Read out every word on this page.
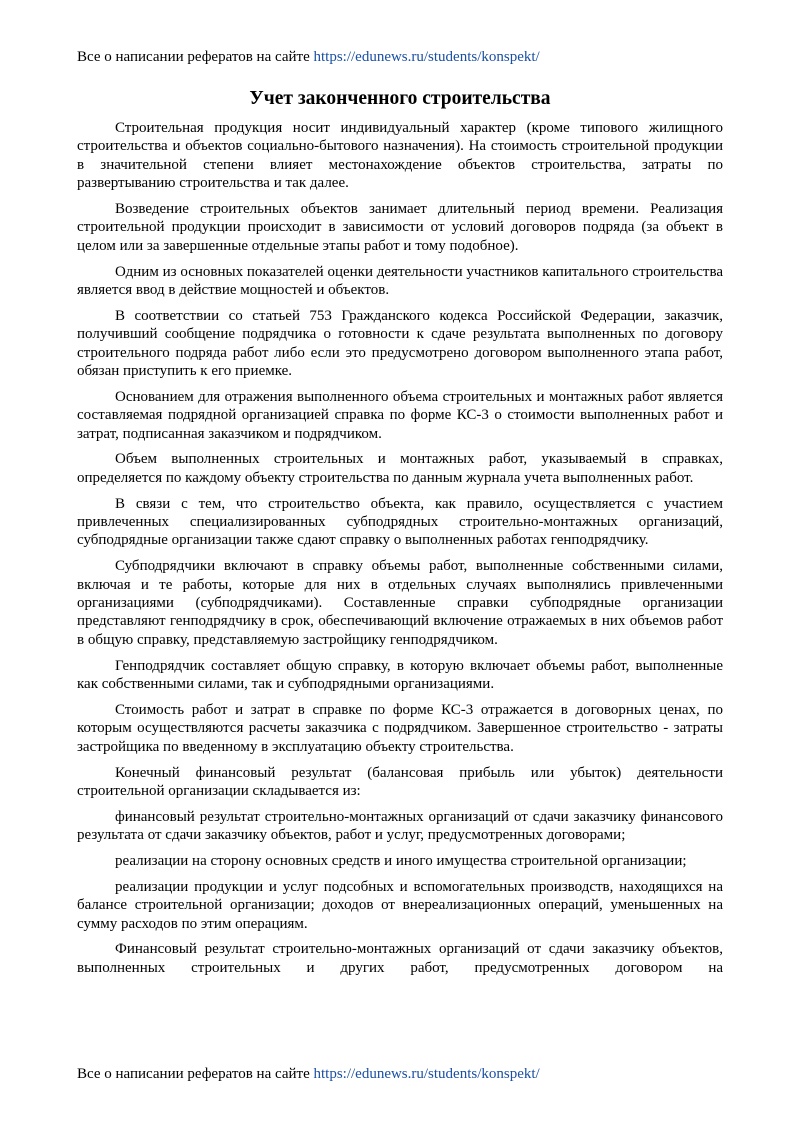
Все о написании рефератов на сайте https://edunews.ru/students/konspekt/
Учет законченного строительства

Строительная продукция носит индивидуальный характер (кроме типового жилищного строительства и объектов социально-бытового назначения). На стоимость строительной продукции в значительной степени влияет местонахождение объектов строительства, затраты по развертыванию строительства и так далее.

Возведение строительных объектов занимает длительный период времени. Реализация строительной продукции происходит в зависимости от условий договоров подряда (за объект в целом или за завершенные отдельные этапы работ и тому подобное).

Одним из основных показателей оценки деятельности участников капитального строительства является ввод в действие мощностей и объектов.

В соответствии со статьей 753 Гражданского кодекса Российской Федерации, заказчик, получивший сообщение подрядчика о готовности к сдаче результата выполненных по договору строительного подряда работ либо если это предусмотрено договором выполненного этапа работ, обязан приступить к его приемке.

Основанием для отражения выполненного объема строительных и монтажных работ является составляемая подрядной организацией справка по форме КС-3 о стоимости выполненных работ и затрат, подписанная заказчиком и подрядчиком.

Объем выполненных строительных и монтажных работ, указываемый в справках, определяется по каждому объекту строительства по данным журнала учета выполненных работ.

В связи с тем, что строительство объекта, как правило, осуществляется с участием привлеченных специализированных субподрядных строительно-монтажных организаций, субподрядные организации также сдают справку о выполненных работах генподрядчику.

Субподрядчики включают в справку объемы работ, выполненные собственными силами, включая и те работы, которые для них в отдельных случаях выполнялись привлеченными организациями (субподрядчиками). Составленные справки субподрядные организации представляют генподрядчику в срок, обеспечивающий включение отражаемых в них объемов работ в общую справку, представляемую застройщику генподрядчиком.

Генподрядчик составляет общую справку, в которую включает объемы работ, выполненные как собственными силами, так и субподрядными организациями.

Стоимость работ и затрат в справке по форме КС-3 отражается в договорных ценах, по которым осуществляются расчеты заказчика с подрядчиком. Завершенное строительство - затраты застройщика по введенному в эксплуатацию объекту строительства.

Конечный финансовый результат (балансовая прибыль или убыток) деятельности строительной организации складывается из:

финансовый результат строительно-монтажных организаций от сдачи заказчику финансового результата от сдачи заказчику объектов, работ и услуг, предусмотренных договорами;

реализации на сторону основных средств и иного имущества строительной организации;

реализации продукции и услуг подсобных и вспомогательных производств, находящихся на балансе строительной организации; доходов от внереализационных операций, уменьшенных на сумму расходов по этим операциям.

Финансовый результат строительно-монтажных организаций от сдачи заказчику объектов, выполненных строительных и других работ, предусмотренных договором на

Все о написании рефератов на сайте https://edunews.ru/students/konspekt/
